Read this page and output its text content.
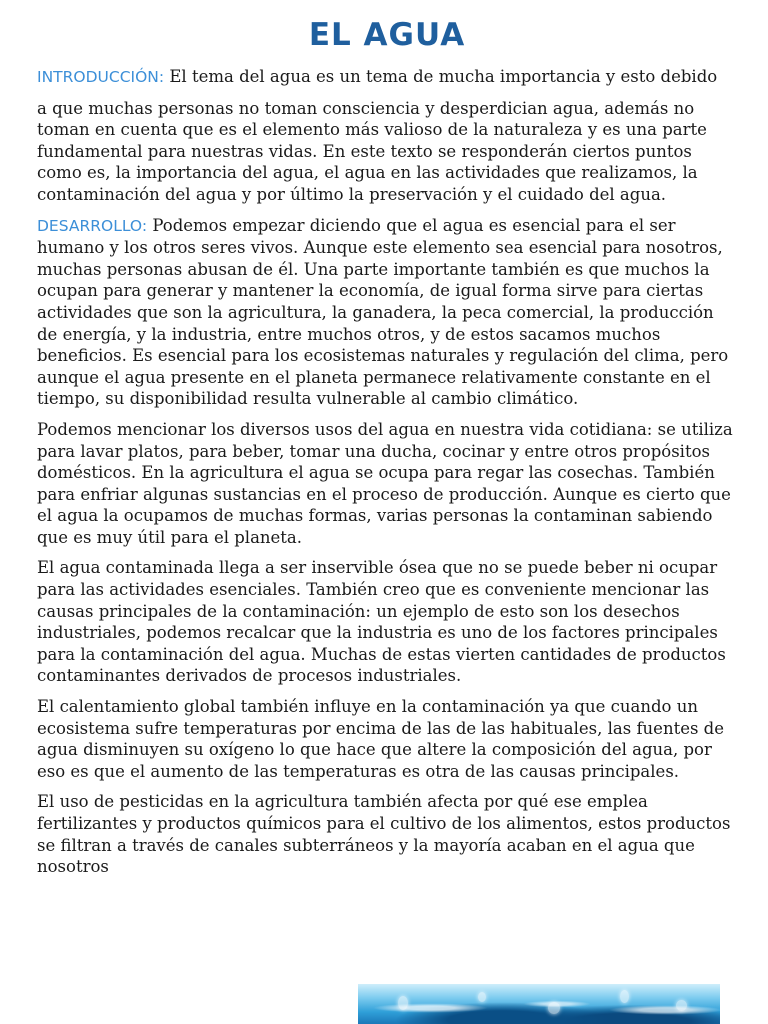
EL AGUA

INTRODUCCIÓN: El tema del agua es un tema de mucha importancia y esto debido

a que muchas personas no toman consciencia y desperdician agua, además no toman en cuenta que es el elemento más valioso de la naturaleza y es una parte fundamental para nuestras vidas. En este texto se responderán ciertos puntos como es, la importancia del agua, el agua en las actividades que realizamos, la contaminación del agua y por último la preservación y el cuidado del agua.

DESARROLLO: Podemos empezar diciendo que el agua es esencial para el ser humano y los otros seres vivos. Aunque este elemento sea esencial para nosotros, muchas personas abusan de él. Una parte importante también es que muchos la ocupan para generar y mantener la economía, de igual forma sirve para ciertas actividades que son la agricultura, la ganadera, la peca comercial, la producción de energía, y la industria, entre muchos otros, y de estos sacamos muchos beneficios. Es esencial para los ecosistemas naturales y regulación del clima, pero aunque el agua presente en el planeta permanece relativamente constante en el tiempo, su disponibilidad resulta vulnerable al cambio climático.

Podemos mencionar los diversos usos del agua en nuestra vida cotidiana: se utiliza para lavar platos, para beber, tomar una ducha, cocinar y entre otros propósitos domésticos. En la agricultura el agua se ocupa para regar las cosechas. También para enfriar algunas sustancias en el proceso de producción. Aunque es cierto que el agua la ocupamos de muchas formas, varias personas la contaminan sabiendo que es muy útil para el planeta.

El agua contaminada llega a ser inservible ósea que no se puede beber ni ocupar para las actividades esenciales. También creo que es conveniente mencionar las causas principales de la contaminación: un ejemplo de esto son los desechos industriales, podemos recalcar que la industria es uno de los factores principales para la contaminación del agua. Muchas de estas vierten cantidades de productos contaminantes derivados de procesos industriales.

El calentamiento global también influye en la contaminación ya que cuando un ecosistema sufre temperaturas por encima de las de las habituales, las fuentes de agua disminuyen su oxígeno lo que hace que altere la composición del agua, por eso es que el aumento de las temperaturas es otra de las causas principales.

El uso de pesticidas en la agricultura también afecta por qué ese emplea fertilizantes y productos químicos para el cultivo de los alimentos, estos productos se filtran a través de canales subterráneos y la mayoría acaban en el agua que nosotros
